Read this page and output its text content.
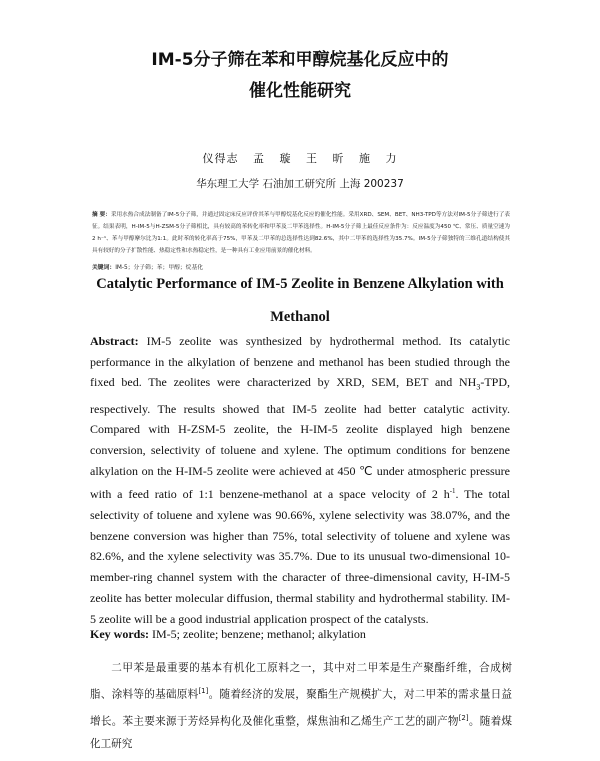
IM-5分子筛在苯和甲醇烷基化反应中的
催化性能研究
仪得志 孟 璇 王 昕 施 力
华东理工大学 石油加工研究所 上海 200237
摘 要：采用水热合成法制备了IM-5分子筛，并通过固定床反应评价其苯与甲醇烷基化反应的催化性能。采用XRD、SEM、BET、NH3-TPD等方法对IM-5分子筛进行了表征。结果表明，H-IM-5与H-ZSM-5分子筛相比，具有较高的苯转化率和甲苯及二甲苯选择性。H-IM-5分子筛上最佳反应条件为：反应温度为450 ℃、常压、质量空速为2 h⁻¹、苯与甲醇摩尔比为1:1。此时苯的转化率高于75%，甲苯及二甲苯的总选择性达到82.6%，其中二甲苯的选择性为35.7%。IM-5分子筛独特的三维孔道结构使其具有较好的分子扩散性能、热稳定性和水热稳定性，是一种具有工业应用前景的催化材料。
关键词：IM-5；分子筛；苯；甲醇；烷基化
Catalytic Performance of IM-5 Zeolite in Benzene Alkylation with
Methanol
Abstract: IM-5 zeolite was synthesized by hydrothermal method. Its catalytic performance in the alkylation of benzene and methanol has been studied through the fixed bed. The zeolites were characterized by XRD, SEM, BET and $NH_3$-TPD, respectively. The results showed that IM-5 zeolite had better catalytic activity. Compared with H-ZSM-5 zeolite, the H-IM-5 zeolite displayed high benzene conversion, selectivity of toluene and xylene. The optimum conditions for benzene alkylation on the H-IM-5 zeolite were achieved at 450 ℃ under atmospheric pressure with a feed ratio of 1:1 benzene-methanol at a space velocity of 2 $h^{-1}$. The total selectivity of toluene and xylene was 90.66%, xylene selectivity was 38.07%, and the benzene conversion was higher than 75%, total selectivity of toluene and xylene was 82.6%, and the xylene selectivity was 35.7%. Due to its unusual two-dimensional 10-member-ring channel system with the character of three-dimensional cavity, H-IM-5 zeolite has better molecular diffusion, thermal stability and hydrothermal stability. IM-5 zeolite will be a good industrial application prospect of the catalysts.
Key words: IM-5; zeolite; benzene; methanol; alkylation
二甲苯是最重要的基本有机化工原料之一，其中对二甲苯是生产聚酯纤维，合成树脂、涂料等的基础原料[1]。随着经济的发展，聚酯生产规模扩大，对二甲苯的需求量日益增长。苯主要来源于芳烃异构化及催化重整，煤焦油和乙烯生产工艺的副产物[2]。随着煤化工研究
